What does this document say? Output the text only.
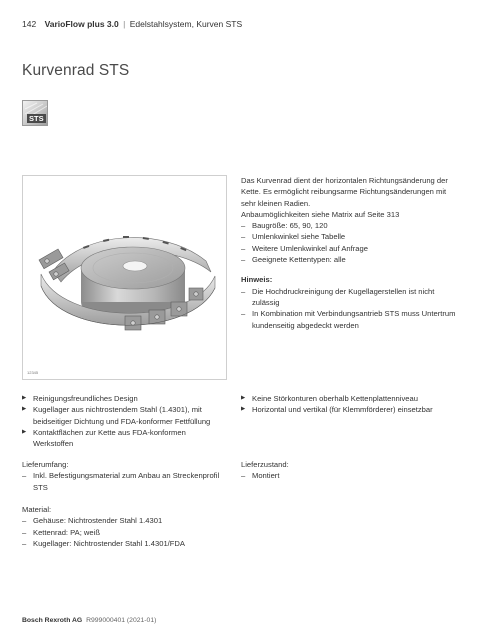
142 VarioFlow plus 3.0 | Edelstahlsystem, Kurven STS
Kurvenrad STS
STS
12345

Das Kurvenrad dient der horizontalen Richtungsänderung der Kette. Es ermöglicht reibungsarme Richtungsänderungen mit sehr kleinen Radien.

Anbaumöglichkeiten siehe Matrix auf Seite 313

– Baugröße: 65, 90, 120
– Umlenkwinkel siehe Tabelle
– Weitere Umlenkwinkel auf Anfrage
– Geeignete Kettentypen: alle

Hinweis:

– Die Hochdruckreinigung der Kugellagerstellen ist nicht zulässig
– In Kombination mit Verbindungsantrieb STS muss Untertrum kundenseitig abgedeckt werden
▶ Reinigungsfreundliches Design
▶ Kugellager aus nichtrostendem Stahl (1.4301), mit beidseitiger Dichtung und FDA-konformer Fettfüllung
▶ Kontaktflächen zur Kette aus FDA-konformen Werkstoffen
▶ Keine Störkonturen oberhalb Kettenplattenniveau
▶ Horizontal und vertikal (für Klemmförderer) einsetzbar

Lieferumfang:

– Inkl. Befestigungsmaterial zum Anbau an Streckenprofil STS

Lieferzustand:

– Montiert

Material:

– Gehäuse: Nichtrostender Stahl 1.4301
– Kettenrad: PA; weiß
– Kugellager: Nichtrostender Stahl 1.4301/FDA
Bosch Rexroth AG R999000401 (2021-01)
